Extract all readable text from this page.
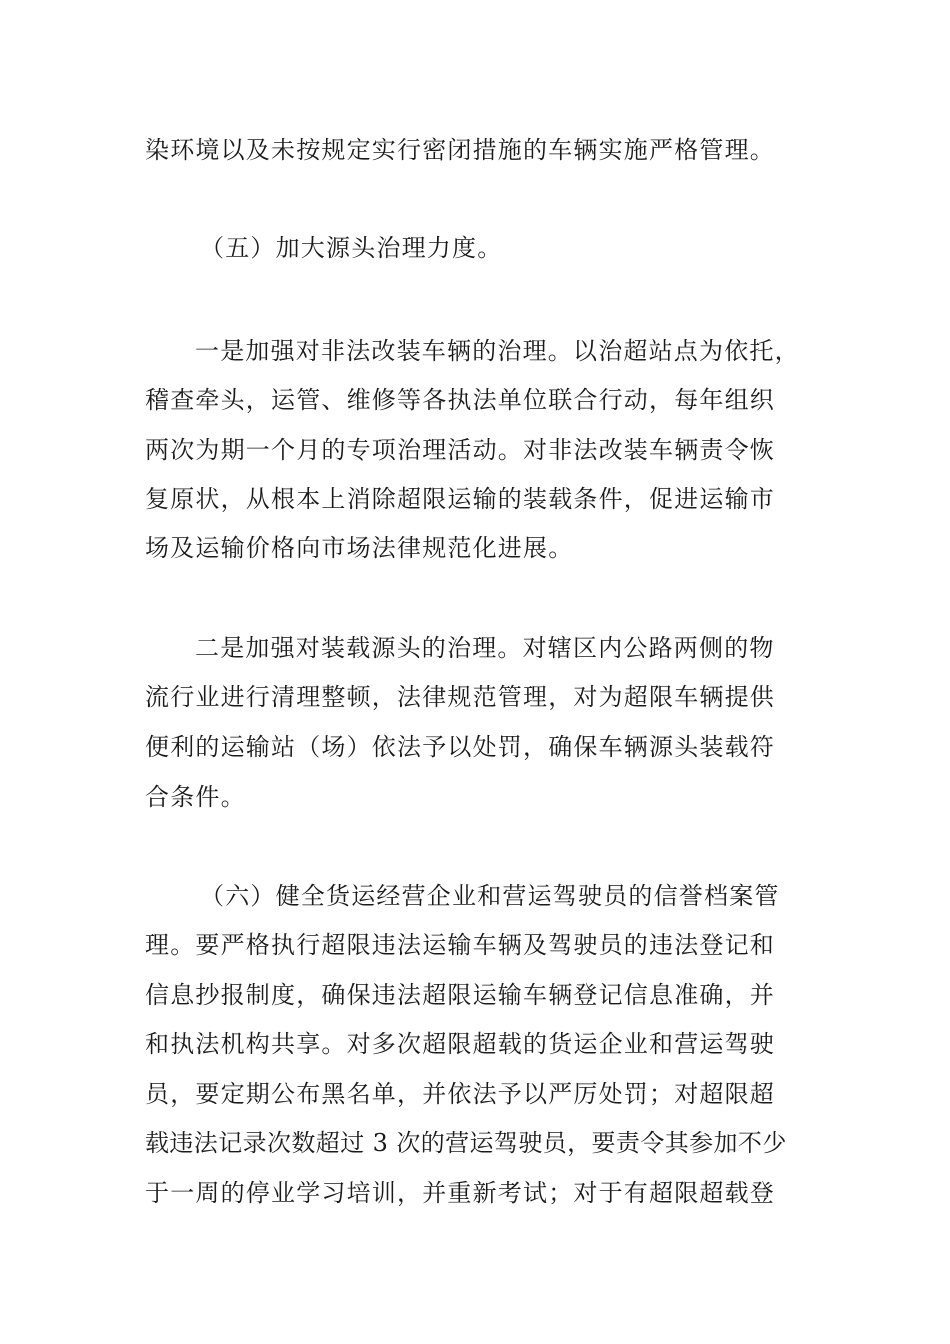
染环境以及未按规定实行密闭措施的车辆实施严格管理。
（五）加大源头治理力度。
一是加强对非法改装车辆的治理。以治超站点为依托，
稽查牵头，运管、维修等各执法单位联合行动，每年组织
两次为期一个月的专项治理活动。对非法改装车辆责令恢
复原状，从根本上消除超限运输的装载条件，促进运输市
场及运输价格向市场法律规范化进展。
二是加强对装载源头的治理。对辖区内公路两侧的物
流行业进行清理整顿，法律规范管理，对为超限车辆提供
便利的运输站（场）依法予以处罚，确保车辆源头装载符
合条件。
（六）健全货运经营企业和营运驾驶员的信誉档案管
理。要严格执行超限违法运输车辆及驾驶员的违法登记和
信息抄报制度，确保违法超限运输车辆登记信息准确，并
和执法机构共享。对多次超限超载的货运企业和营运驾驶
员，要定期公布黑名单，并依法予以严厉处罚；对超限超
载违法记录次数超过 3 次的营运驾驶员，要责令其参加不少
于一周的停业学习培训，并重新考试；对于有超限超载登
